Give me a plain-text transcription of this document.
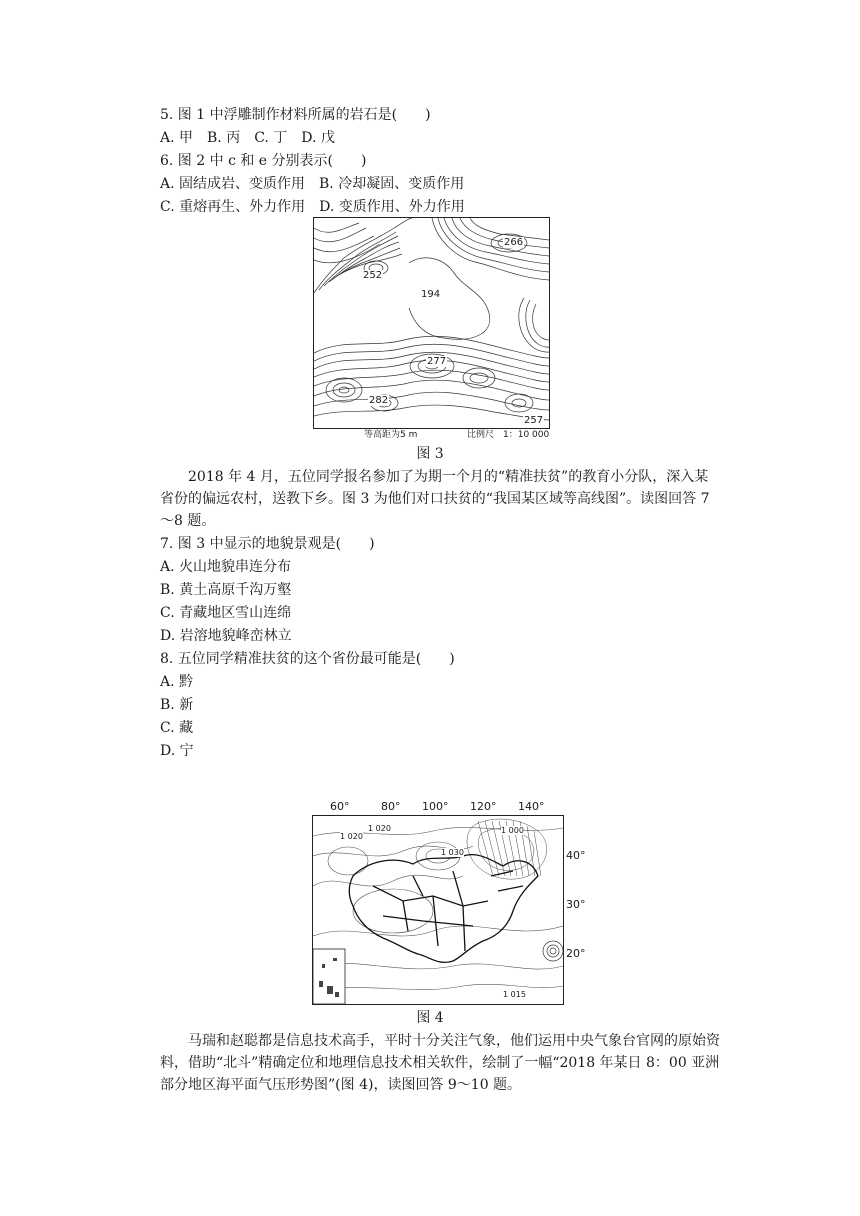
5. 图 1 中浮雕制作材料所属的岩石是(　　)
A. 甲　B. 丙　C. 丁　D. 戊
6. 图 2 中 c 和 e 分别表示(　　)
A. 固结成岩、变质作用　B. 冷却凝固、变质作用
C. 重熔再生、外力作用　D. 变质作用、外力作用
266
252
194
277
282
257
等高距为5 m	比例尺　1：10 000
图 3
2018 年 4 月，五位同学报名参加了为期一个月的“精准扶贫”的教育小分队，深入某省份的偏远农村，送教下乡。图 3 为他们对口扶贫的“我国某区域等高线图”。读图回答 7～8 题。
7. 图 3 中显示的地貌景观是(　　)
A. 火山地貌串连分布
B. 黄土高原千沟万壑
C. 青藏地区雪山连绵
D. 岩溶地貌峰峦林立
8. 五位同学精准扶贫的这个省份最可能是(　　)
A. 黔
B. 新
C. 藏
D. 宁
60°	80° 100° 120° 140°
40°
30°
20°
1 020
1 020	1 000
1 030
1 015
图 4
马瑞和赵聪都是信息技术高手，平时十分关注气象，他们运用中央气象台官网的原始资料，借助“北斗”精确定位和地理信息技术相关软件，绘制了一幅“2018 年某日 8：00 亚洲部分地区海平面气压形势图”(图 4)，读图回答 9～10 题。
